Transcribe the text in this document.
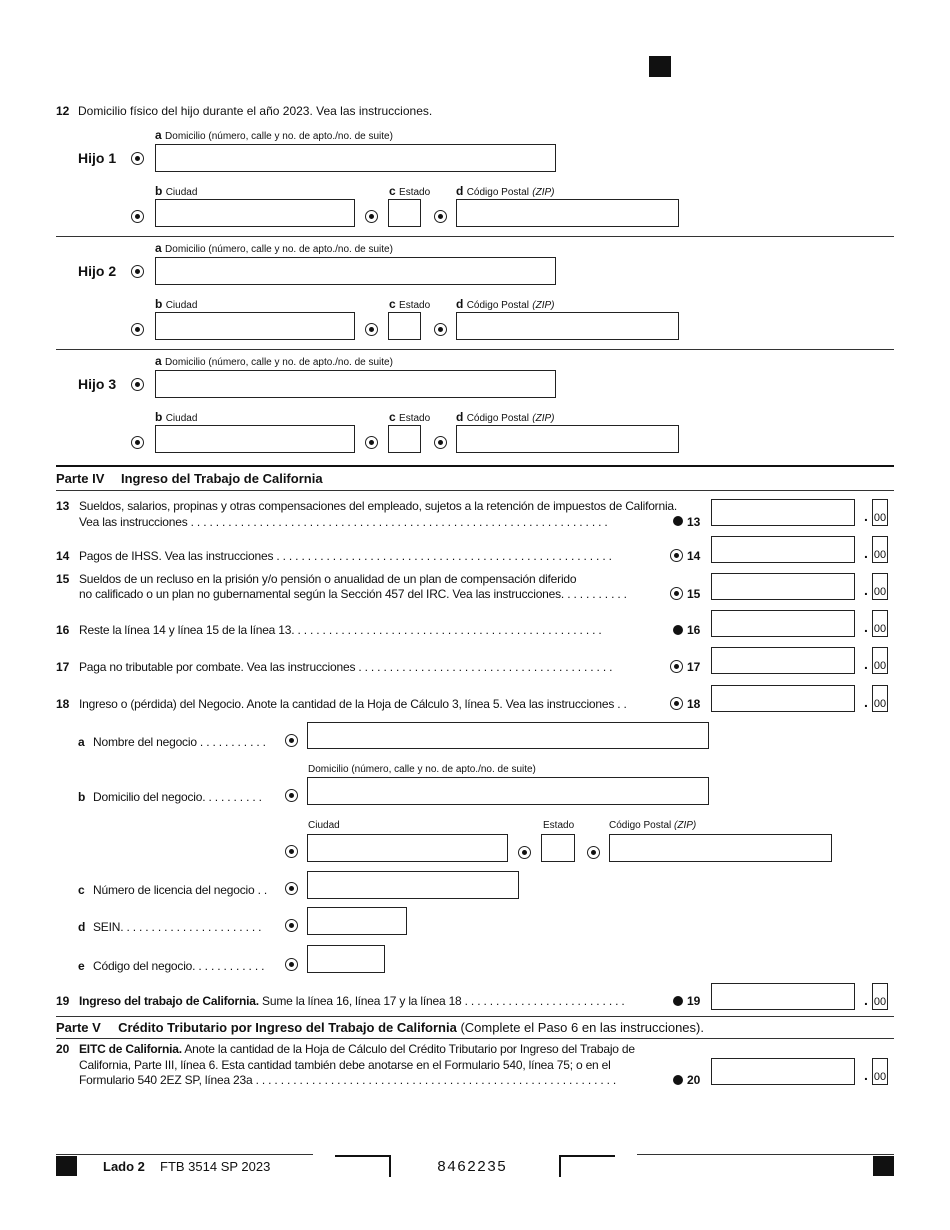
12 Domicilio físico del hijo durante el año 2023. Vea las instrucciones.
a Domicilio (número, calle y no. de apto./no. de suite)
Hijo 1
b Ciudad	c Estado d Código Postal (ZIP)
a Domicilio (número, calle y no. de apto./no. de suite)
Hijo 2
b Ciudad	c Estado d Código Postal (ZIP)
a Domicilio (número, calle y no. de apto./no. de suite)
Hijo 3
b Ciudad	c Estado d Código Postal (ZIP)
Parte IV Ingreso del Trabajo de California
13 Sueldos, salarios, propinas y otras compensaciones del empleado, sujetos a la retención de impuestos de California.
Vea las instrucciones . . . . . . . . . . . . . . . . . . . . . . . . . . . . . . . . . . . . . . . . . . . . . . . . . . . . . . . . . . . . . . . . . . .	13	. 00
14 Pagos de IHSS. Vea las instrucciones . . . . . . . . . . . . . . . . . . . . . . . . . . . . . . . . . . . . . . . . . . . . . . . . . . . . . .	14	. 00
15 Sueldos de un recluso en la prisión y/o pensión o anualidad de un plan de compensación diferido
no calificado o un plan no gubernamental según la Sección 457 del IRC. Vea las instrucciones. . . . . . . . . . .	15	. 00
16 Reste la línea 14 y línea 15 de la línea 13. . . . . . . . . . . . . . . . . . . . . . . . . . . . . . . . . . . . . . . . . . . . . . . . . .	16	. 00
17 Paga no tributable por combate. Vea las instrucciones . . . . . . . . . . . . . . . . . . . . . . . . . . . . . . . . . . . . . . . . .	17	. 00
18 Ingreso o (pérdida) del Negocio. Anote la cantidad de la Hoja de Cálculo 3, línea 5. Vea las instrucciones . .	18	. 00
a Nombre del negocio . . . . . . . . . . .
Domicilio (número, calle y no. de apto./no. de suite)
b Domicilio del negocio. . . . . . . . . .
Ciudad	Estado	Código Postal (ZIP)
c Número de licencia del negocio . .
d SEIN. . . . . . . . . . . . . . . . . . . . . . .
e Código del negocio. . . . . . . . . . . .
19 Ingreso del trabajo de California. Sume la línea 16, línea 17 y la línea 18 . . . . . . . . . . . . . . . . . . . . . . . . . .	19	. 00
Parte V Crédito Tributario por Ingreso del Trabajo de California (Complete el Paso 6 en las instrucciones).
20 EITC de California. Anote la cantidad de la Hoja de Cálculo del Crédito Tributario por Ingreso del Trabajo de
California, Parte III, línea 6. Esta cantidad también debe anotarse en el Formulario 540, línea 75; o en el
Formulario 540 2EZ SP, línea 23a . . . . . . . . . . . . . . . . . . . . . . . . . . . . . . . . . . . . . . . . . . . . . . . . . . . . . . . . . .	20	. 00
Lado 2 FTB 3514 SP 2023	8462235
